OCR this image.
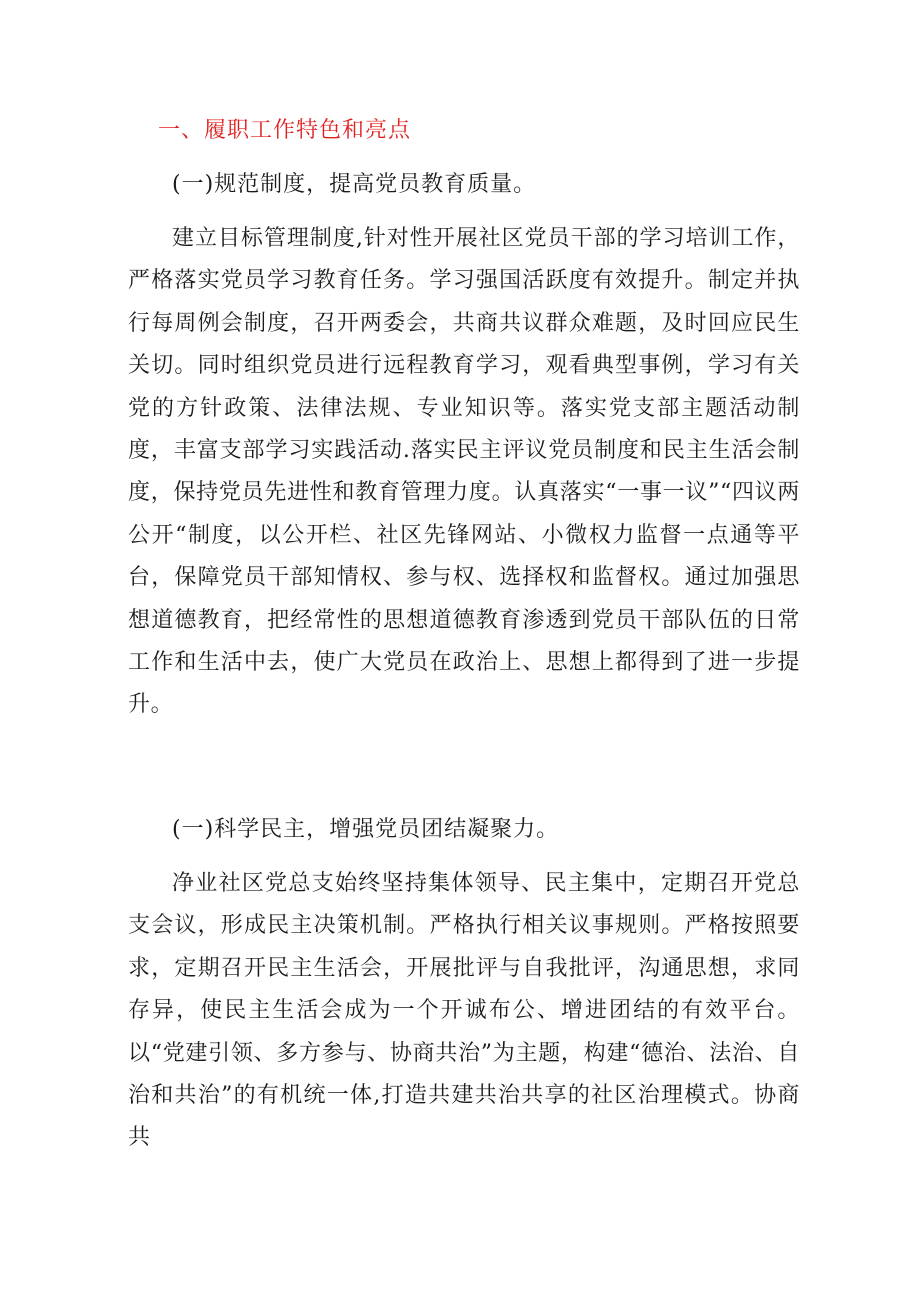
一、履职工作特色和亮点
(一)规范制度，提高党员教育质量。

建立目标管理制度,针对性开展社区党员干部的学习培训工作，严格落实党员学习教育任务。学习强国活跃度有效提升。制定并执行每周例会制度，召开两委会，共商共议群众难题，及时回应民生关切。同时组织党员进行远程教育学习，观看典型事例，学习有关党的方针政策、法律法规、专业知识等。落实党支部主题活动制度，丰富支部学习实践活动.落实民主评议党员制度和民主生活会制度，保持党员先进性和教育管理力度。认真落实“一事一议”“四议两公开“制度，以公开栏、社区先锋网站、小微权力监督一点通等平台，保障党员干部知情权、参与权、选择权和监督权。通过加强思想道德教育，把经常性的思想道德教育渗透到党员干部队伍的日常工作和生活中去，使广大党员在政治上、思想上都得到了进一步提升。

(一)科学民主，增强党员团结凝聚力。

净业社区党总支始终坚持集体领导、民主集中，定期召开党总支会议，形成民主决策机制。严格执行相关议事规则。严格按照要求，定期召开民主生活会，开展批评与自我批评，沟通思想，求同存异，使民主生活会成为一个开诚布公、增进团结的有效平台。以“党建引领、多方参与、协商共治”为主题，构建“德治、法治、自治和共治”的有机统一体,打造共建共治共享的社区治理模式。协商共
